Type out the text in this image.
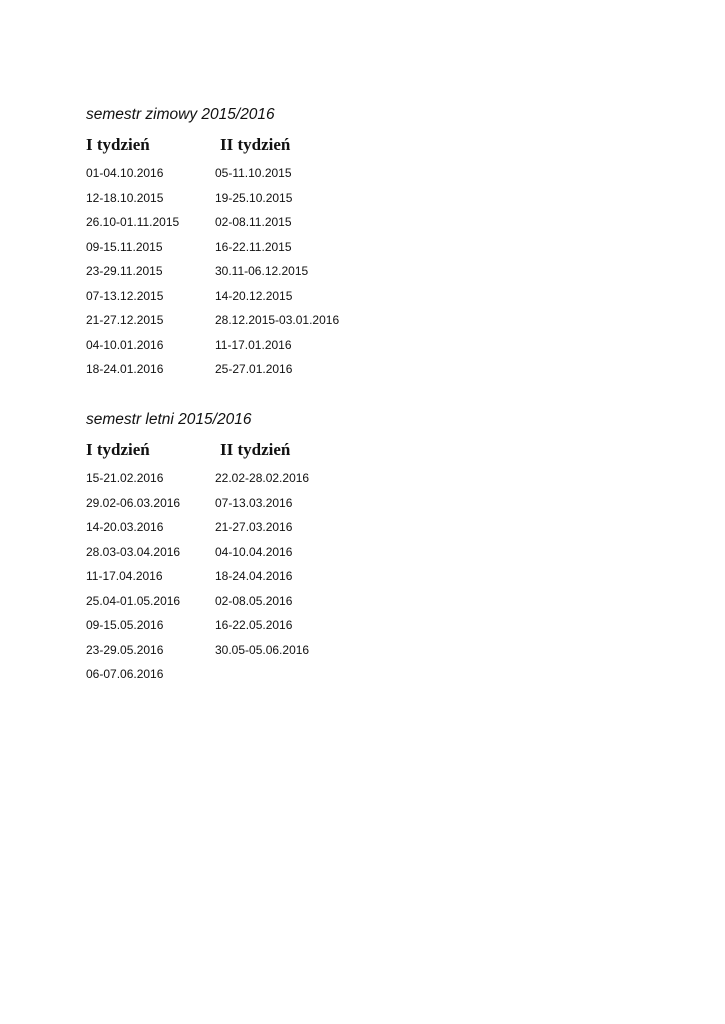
semestr zimowy 2015/2016
I tydzień	II tydzień
01-04.10.2016	05-11.10.2015
12-18.10.2015	19-25.10.2015
26.10-01.11.2015	02-08.11.2015
09-15.11.2015	16-22.11.2015
23-29.11.2015	30.11-06.12.2015
07-13.12.2015	14-20.12.2015
21-27.12.2015	28.12.2015-03.01.2016
04-10.01.2016	11-17.01.2016
18-24.01.2016	25-27.01.2016
semestr letni 2015/2016
I tydzień	II tydzień
15-21.02.2016	22.02-28.02.2016
29.02-06.03.2016	07-13.03.2016
14-20.03.2016	21-27.03.2016
28.03-03.04.2016	04-10.04.2016
11-17.04.2016	18-24.04.2016
25.04-01.05.2016	02-08.05.2016
09-15.05.2016	16-22.05.2016
23-29.05.2016	30.05-05.06.2016
06-07.06.2016
